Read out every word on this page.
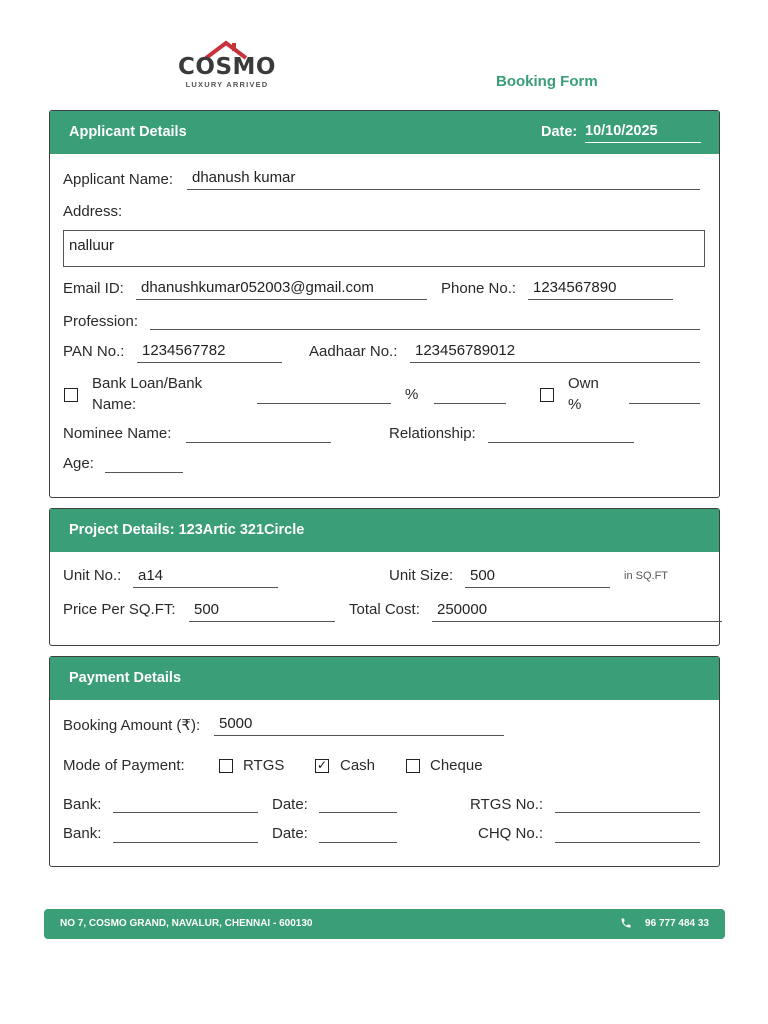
COSMO
LUXURY ARRIVED	Booking Form
Applicant Details	Date: 10/10/2025
Applicant Name:	dhanush kumar
Address:
nalluur
Email ID:	dhanushkumar052003@gmail.com	Phone No.:	1234567890
Profession:
PAN No.:	1234567782	Aadhaar No.:	123456789012
Bank Loan/Bank
Name:
%
Own
%
Nominee Name:	Relationship:
Age:
Project Details: 123Artic 321Circle
Unit No.:	a14	Unit Size:	500	in SQ.FT
Price Per SQ.FT:	500	Total Cost:	250000
Payment Details
Booking Amount (₹):	5000
Mode of Payment:	RTGS	✓ Cash	Cheque
Bank:	Date:	RTGS No.:
Bank:	Date:	CHQ No.:
NO 7, COSMO GRAND, NAVALUR, CHENNAI - 600130	96 777 484 33
